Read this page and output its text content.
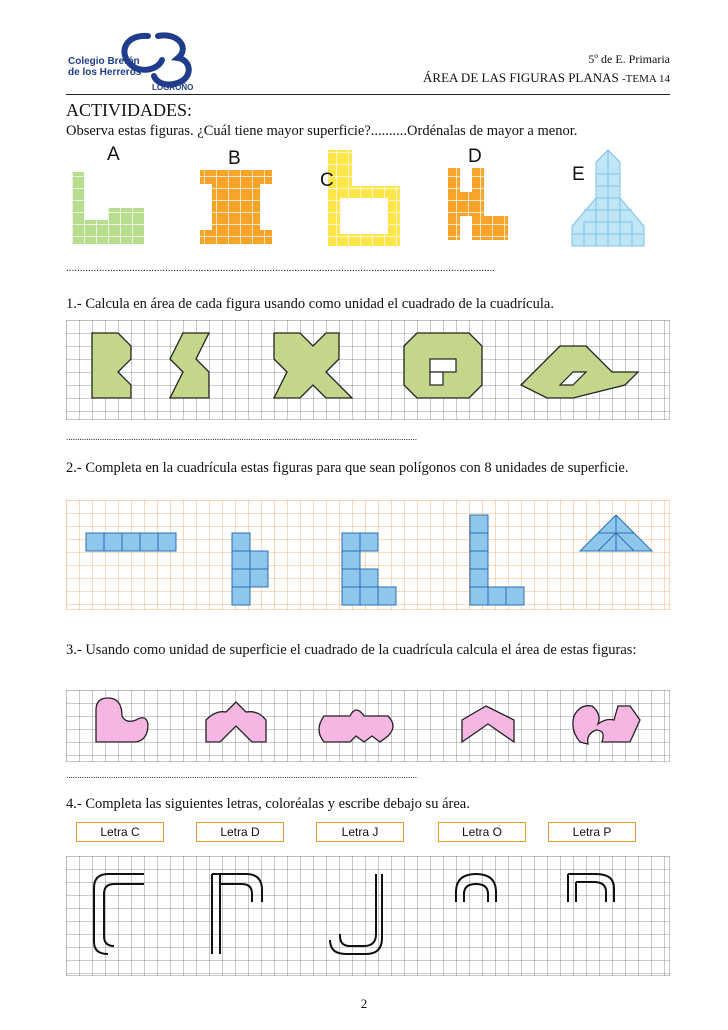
Colegio Bretón
de los Herreros
LOGROÑO
5º de E. Primaria
ÁREA DE LAS FIGURAS PLANAS -TEMA 14
ACTIVIDADES:
Observa estas figuras. ¿Cuál tiene mayor superficie?..........Ordénalas de mayor a menor.
A	B
C
D
E
............................................................................................................................................................
1.- Calcula en área de cada figura usando como unidad el cuadrado de la cuadrícula.
............................................................................................................................................................
2.- Completa en la cuadrícula estas figuras para que sean polígonos con 8 unidades de superficie.
3.- Usando como unidad de superficie el cuadrado de la cuadrícula calcula el área de estas figuras:
............................................................................................................................................................
4.- Completa las siguientes letras, coloréalas y escribe debajo su área.
Letra C	Letra D	Letra J	Letra O	Letra P
2
